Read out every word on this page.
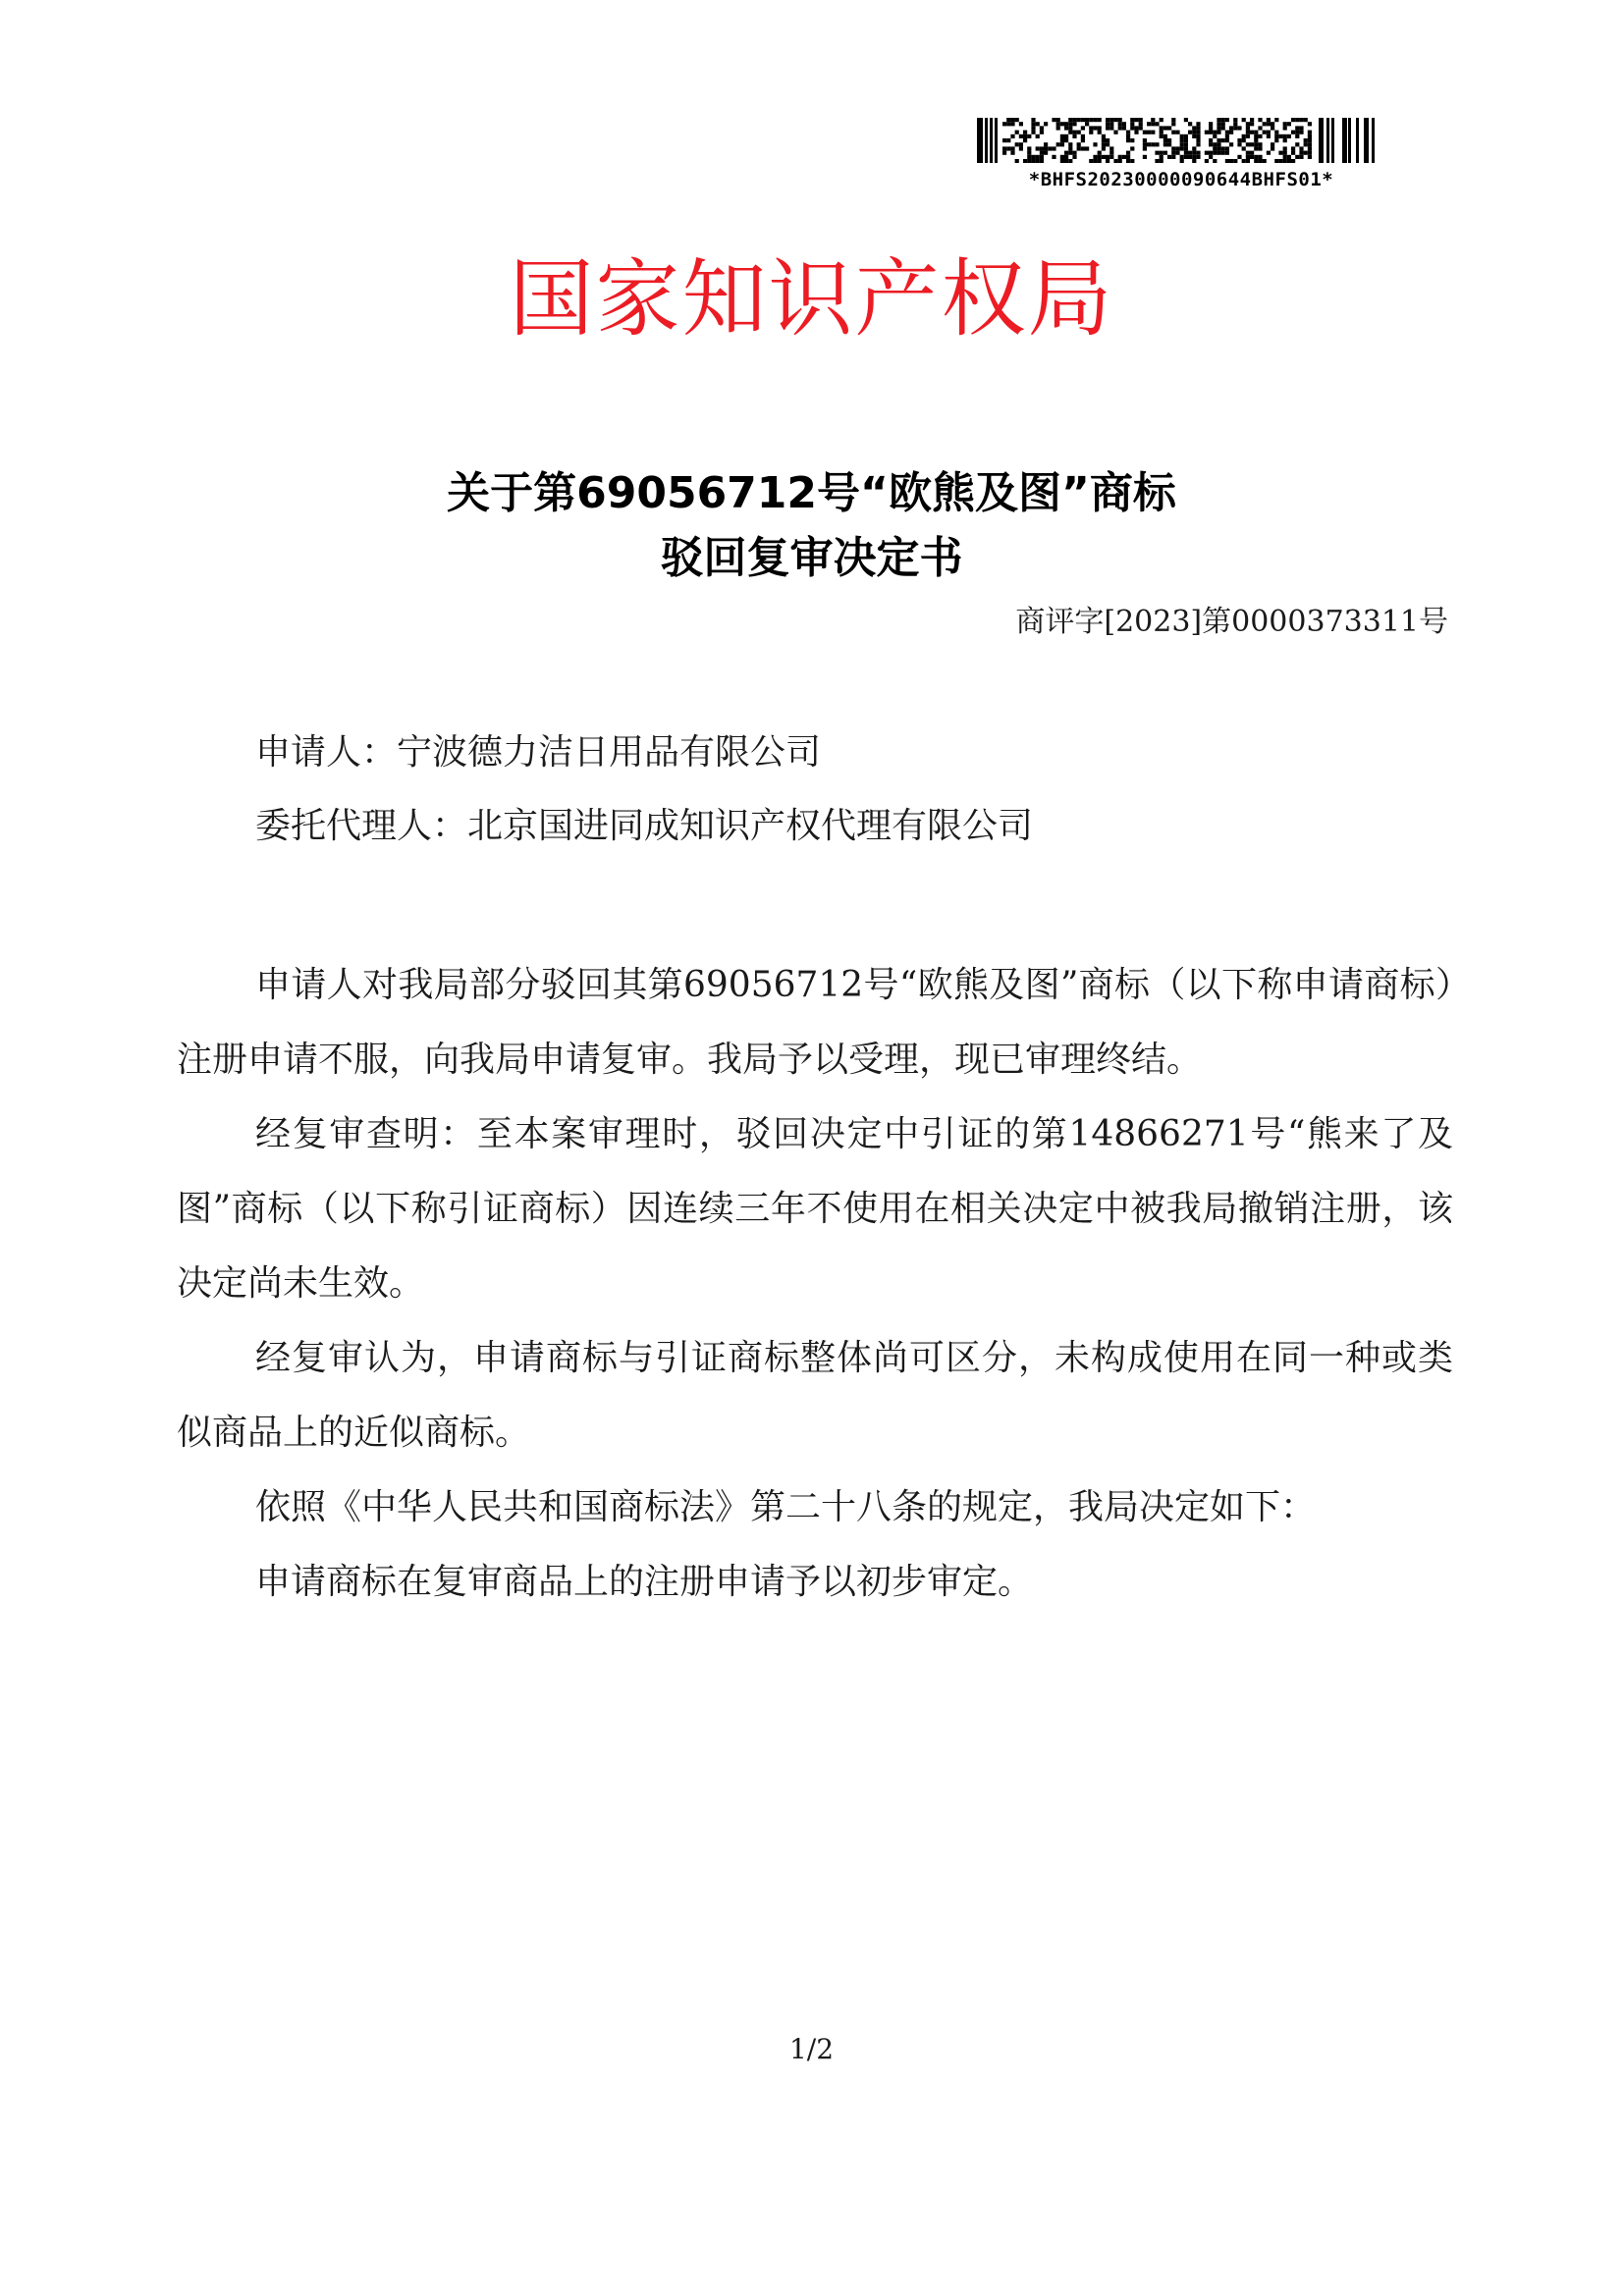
*BHFS20230000090644BHFS01*
国家知识产权局
关于第69056712号“欧熊及图”商标
驳回复审决定书
商评字[2023]第0000373311号
申请人：宁波德力洁日用品有限公司
委托代理人：北京国进同成知识产权代理有限公司

申请人对我局部分驳回其第69056712号“欧熊及图”商标（以下称申请商标）注册申请不服，向我局申请复审。我局予以受理，现已审理终结。

经复审查明：至本案审理时，驳回决定中引证的第14866271号“熊来了及图”商标（以下称引证商标）因连续三年不使用在相关决定中被我局撤销注册，该决定尚未生效。

经复审认为，申请商标与引证商标整体尚可区分，未构成使用在同一种或类似商品上的近似商标。

依照《中华人民共和国商标法》第二十八条的规定，我局决定如下：

申请商标在复审商品上的注册申请予以初步审定。

1/2
